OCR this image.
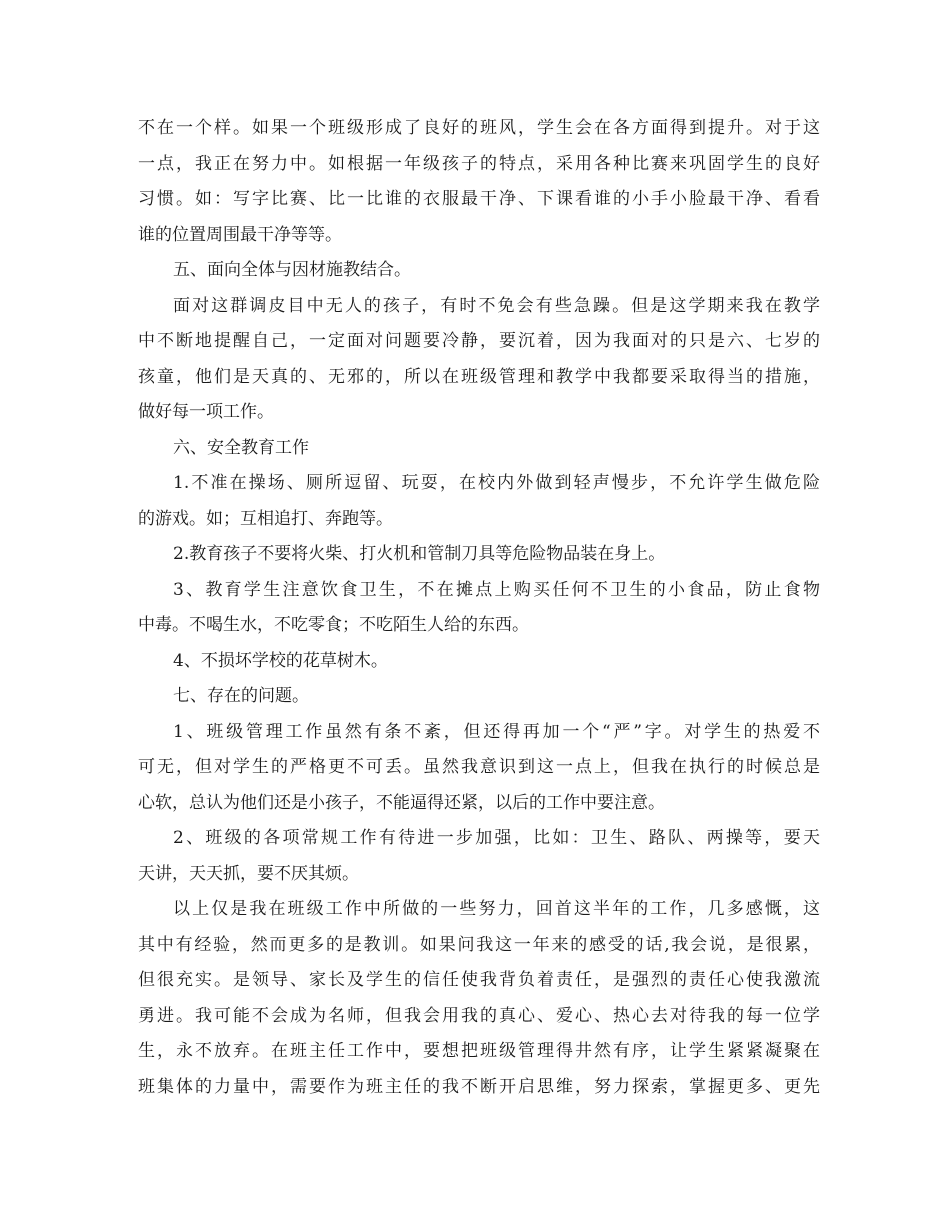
不在一个样。如果一个班级形成了良好的班风，学生会在各方面得到提升。对于这
一点，我正在努力中。如根据一年级孩子的特点，采用各种比赛来巩固学生的良好
习惯。如：写字比赛、比一比谁的衣服最干净、下课看谁的小手小脸最干净、看看
谁的位置周围最干净等等。
五、面向全体与因材施教结合。
面对这群调皮目中无人的孩子，有时不免会有些急躁。但是这学期来我在教学
中不断地提醒自己，一定面对问题要冷静，要沉着，因为我面对的只是六、七岁的
孩童，他们是天真的、无邪的，所以在班级管理和教学中我都要采取得当的措施，
做好每一项工作。
六、安全教育工作
1.不准在操场、厕所逗留、玩耍，在校内外做到轻声慢步，不允许学生做危险
的游戏。如；互相追打、奔跑等。
2.教育孩子不要将火柴、打火机和管制刀具等危险物品装在身上。
3、教育学生注意饮食卫生，不在摊点上购买任何不卫生的小食品，防止食物
中毒。不喝生水，不吃零食；不吃陌生人给的东西。
4、不损坏学校的花草树木。
七、存在的问题。
1、班级管理工作虽然有条不紊，但还得再加一个“严”字。对学生的热爱不
可无，但对学生的严格更不可丢。虽然我意识到这一点上，但我在执行的时候总是
心软，总认为他们还是小孩子，不能逼得还紧，以后的工作中要注意。
2、班级的各项常规工作有待进一步加强，比如：卫生、路队、两操等，要天
天讲，天天抓，要不厌其烦。
以上仅是我在班级工作中所做的一些努力，回首这半年的工作，几多感慨，这
其中有经验，然而更多的是教训。如果问我这一年来的感受的话,我会说，是很累，
但很充实。是领导、家长及学生的信任使我背负着责任，是强烈的责任心使我激流
勇进。我可能不会成为名师，但我会用我的真心、爱心、热心去对待我的每一位学
生，永不放弃。在班主任工作中，要想把班级管理得井然有序，让学生紧紧凝聚在
班集体的力量中，需要作为班主任的我不断开启思维，努力探索，掌握更多、更先
